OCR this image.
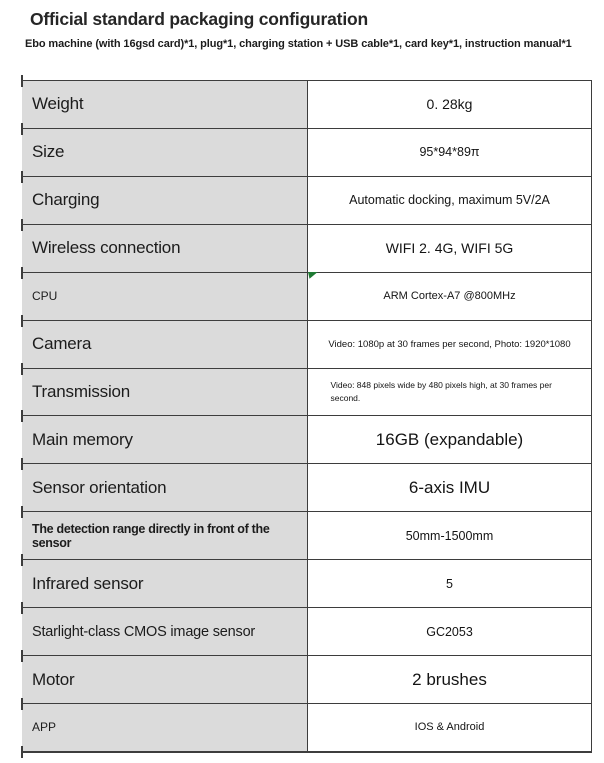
Official standard packaging configuration
Ebo machine (with 16gsd card)*1, plug*1, charging station + USB cable*1, card key*1, instruction manual*1
Weight	0. 28kg
Size	95*94*89π
Charging	Automatic docking, maximum 5V/2A
Wireless connection	WIFI 2. 4G, WIFI 5G
CPU	ARM Cortex-A7 @800MHz
Camera	Video: 1080p at 30 frames per second, Photo: 1920*1080
Transmission	Video: 848 pixels wide by 480 pixels high, at 30 frames per second.
Main memory	16GB (expandable)
Sensor orientation	6-axis IMU
The detection range directly in front of the sensor	50mm-1500mm
Infrared sensor	5
Starlight-class CMOS image sensor	GC2053
Motor	2 brushes
APP	IOS & Android
